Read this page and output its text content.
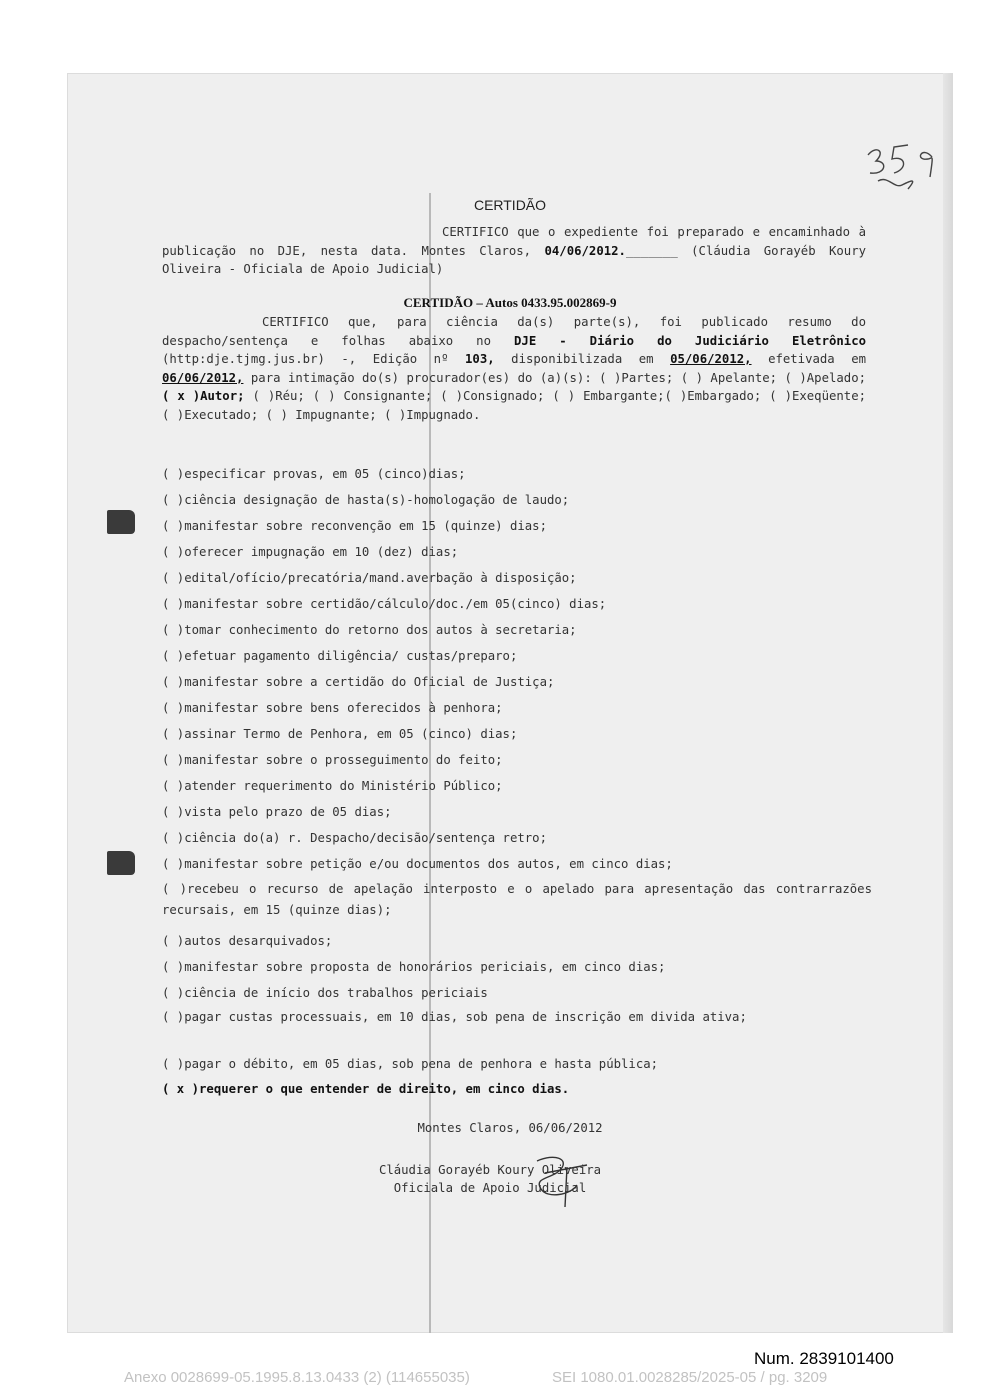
CERTIDÃO
CERTIFICO que o expediente foi preparado e encaminhado à publicação no DJE, nesta data. Montes Claros, 04/06/2012._______ (Cláudia Gorayéb Koury Oliveira - Oficiala de Apoio Judicial)
CERTIDÃO – Autos 0433.95.002869-9
CERTIFICO que, para ciência da(s) parte(s), foi publicado resumo do despacho/sentença e folhas abaixo no DJE - Diário do Judiciário Eletrônico (http:dje.tjmg.jus.br) -, Edição nº 103, disponibilizada em 05/06/2012, efetivada em 06/06/2012, para intimação do(s) procurador(es) do (a)(s): ( )Partes; ( ) Apelante; ( )Apelado; ( x )Autor; ( )Réu; ( ) Consignante; ( )Consignado; ( ) Embargante;( )Embargado; ( )Exeqüente; ( )Executado; ( ) Impugnante; ( )Impugnado.
( )especificar provas, em 05 (cinco)dias;
( )ciência designação de hasta(s)-homologação de laudo;
( )manifestar sobre reconvenção em 15 (quinze) dias;
( )oferecer impugnação em 10 (dez) dias;
( )edital/ofício/precatória/mand.averbação à disposição;
( )manifestar sobre certidão/cálculo/doc./em 05(cinco) dias;
( )tomar conhecimento do retorno dos autos à secretaria;
( )efetuar pagamento diligência/ custas/preparo;
( )manifestar sobre a certidão do Oficial de Justiça;
( )manifestar sobre bens oferecidos à penhora;
( )assinar Termo de Penhora, em 05 (cinco) dias;
( )manifestar sobre o prosseguimento do feito;
( )atender requerimento do Ministério Público;
( )vista pelo prazo de 05 dias;
( )ciência do(a) r. Despacho/decisão/sentença retro;
( )manifestar sobre petição e/ou documentos dos autos, em cinco dias;
( )recebeu o recurso de apelação interposto e o apelado para apresentação das contrarrazões recursais, em 15 (quinze dias);
( )autos desarquivados;
( )manifestar sobre proposta de honorários periciais, em cinco dias;
( )ciência de início dos trabalhos periciais
( )pagar custas processuais, em 10 dias, sob pena de inscrição em divida ativa;
( )pagar o débito, em 05 dias, sob pena de penhora e hasta pública;
( x )requerer o que entender de direito, em cinco dias.
Montes Claros, 06/06/2012
Cláudia Gorayéb Koury Oliveira
Oficiala de Apoio Judicial
Num. 2839101400
Anexo 0028699-05.1995.8.13.0433 (2) (114655035)	SEI 1080.01.0028285/2025-05 / pg. 3209
